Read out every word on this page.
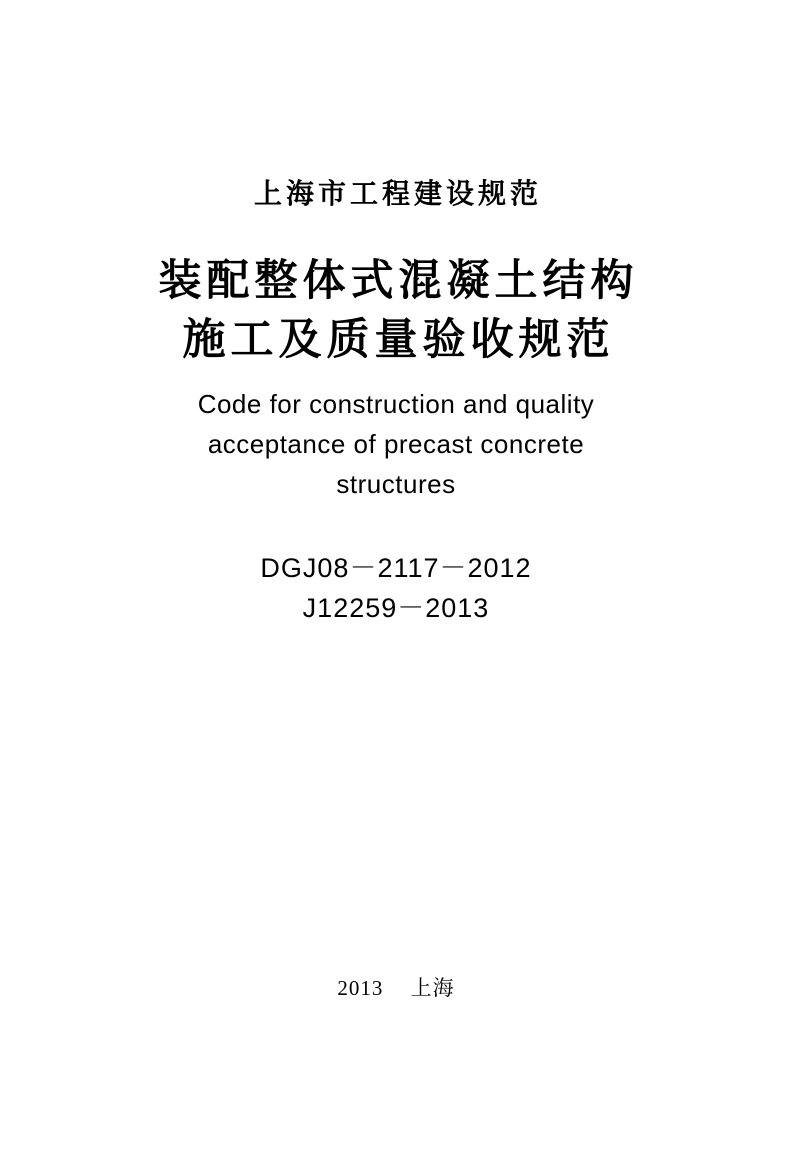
上海市工程建设规范
装配整体式混凝土结构
施工及质量验收规范
Code for construction and quality
acceptance of precast concrete
structures
DGJ08－2117－2012
J12259－2013
2013 上海
